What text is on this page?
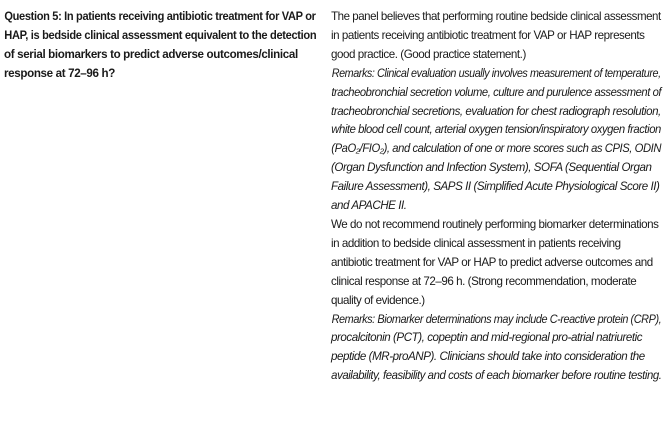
Question 5: In patients receiving antibiotic treatment for VAP or
HAP, is bedside clinical assessment equivalent to the detection
of serial biomarkers to predict adverse outcomes/clinical
response at 72–96 h?

The panel believes that performing routine bedside clinical assessment
in patients receiving antibiotic treatment for VAP or HAP represents
good practice. (Good practice statement.)

Remarks: Clinical evaluation usually involves measurement of temperature,
tracheobronchial secretion volume, culture and purulence assessment of
tracheobronchial secretions, evaluation for chest radiograph resolution,
white blood cell count, arterial oxygen tension/inspiratory oxygen fraction
(PaO₂/FIO₂), and calculation of one or more scores such as CPIS, ODIN
(Organ Dysfunction and Infection System), SOFA (Sequential Organ
Failure Assessment), SAPS II (Simplified Acute Physiological Score II)
and APACHE II.

We do not recommend routinely performing biomarker determinations
in addition to bedside clinical assessment in patients receiving
antibiotic treatment for VAP or HAP to predict adverse outcomes and
clinical response at 72–96 h. (Strong recommendation, moderate
quality of evidence.)

Remarks: Biomarker determinations may include C-reactive protein (CRP),
procalcitonin (PCT), copeptin and mid-regional pro-atrial natriuretic
peptide (MR-proANP). Clinicians should take into consideration the
availability, feasibility and costs of each biomarker before routine testing.
